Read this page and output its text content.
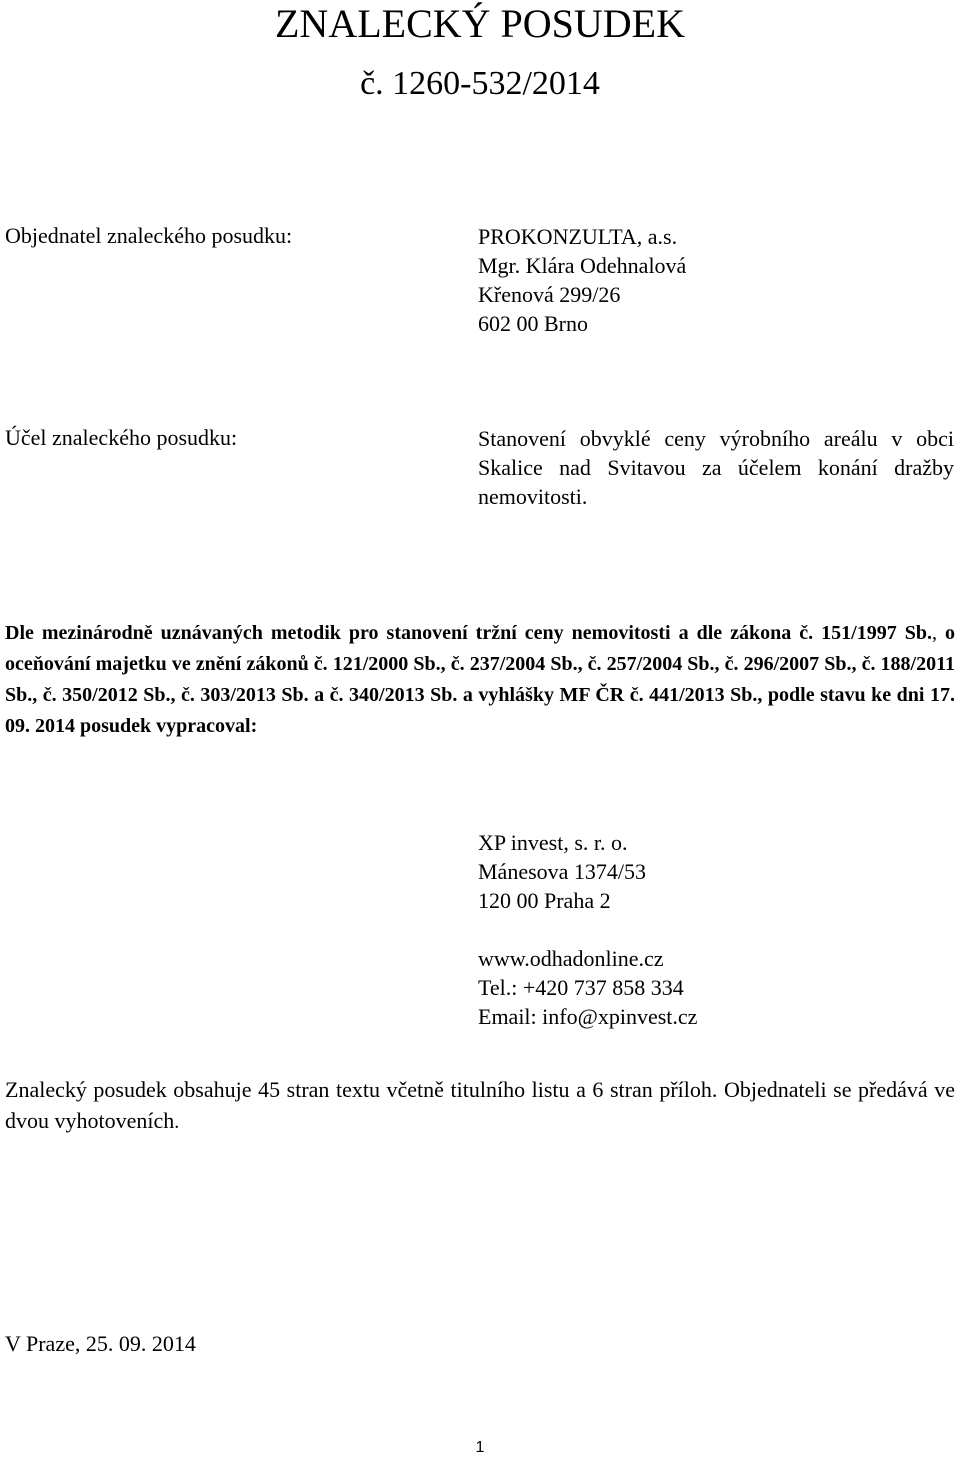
ZNALECKÝ POSUDEK
č. 1260-532/2014
Objednatel znaleckého posudku:	PROKONZULTA, a.s.
Mgr. Klára Odehnalová
Křenová 299/26
602 00 Brno
Účel znaleckého posudku:	Stanovení obvyklé ceny výrobního areálu v obci Skalice nad Svitavou za účelem konání dražby nemovitosti.
Dle mezinárodně uznávaných metodik pro stanovení tržní ceny nemovitosti a dle zákona č. 151/1997 Sb., o oceňování majetku ve znění zákonů č. 121/2000 Sb., č. 237/2004 Sb., č. 257/2004 Sb., č. 296/2007 Sb., č. 188/2011 Sb., č. 350/2012 Sb., č. 303/2013 Sb. a č. 340/2013 Sb. a vyhlášky MF ČR č. 441/2013 Sb., podle stavu ke dni 17. 09. 2014 posudek vypracoval:
XP invest, s. r. o.
Mánesova 1374/53
120 00 Praha 2
www.odhadonline.cz
Tel.: +420 737 858 334
Email: info@xpinvest.cz
Znalecký posudek obsahuje 45 stran textu včetně titulního listu a 6 stran příloh. Objednateli se předává ve dvou vyhotoveních.
V Praze, 25. 09. 2014
1
